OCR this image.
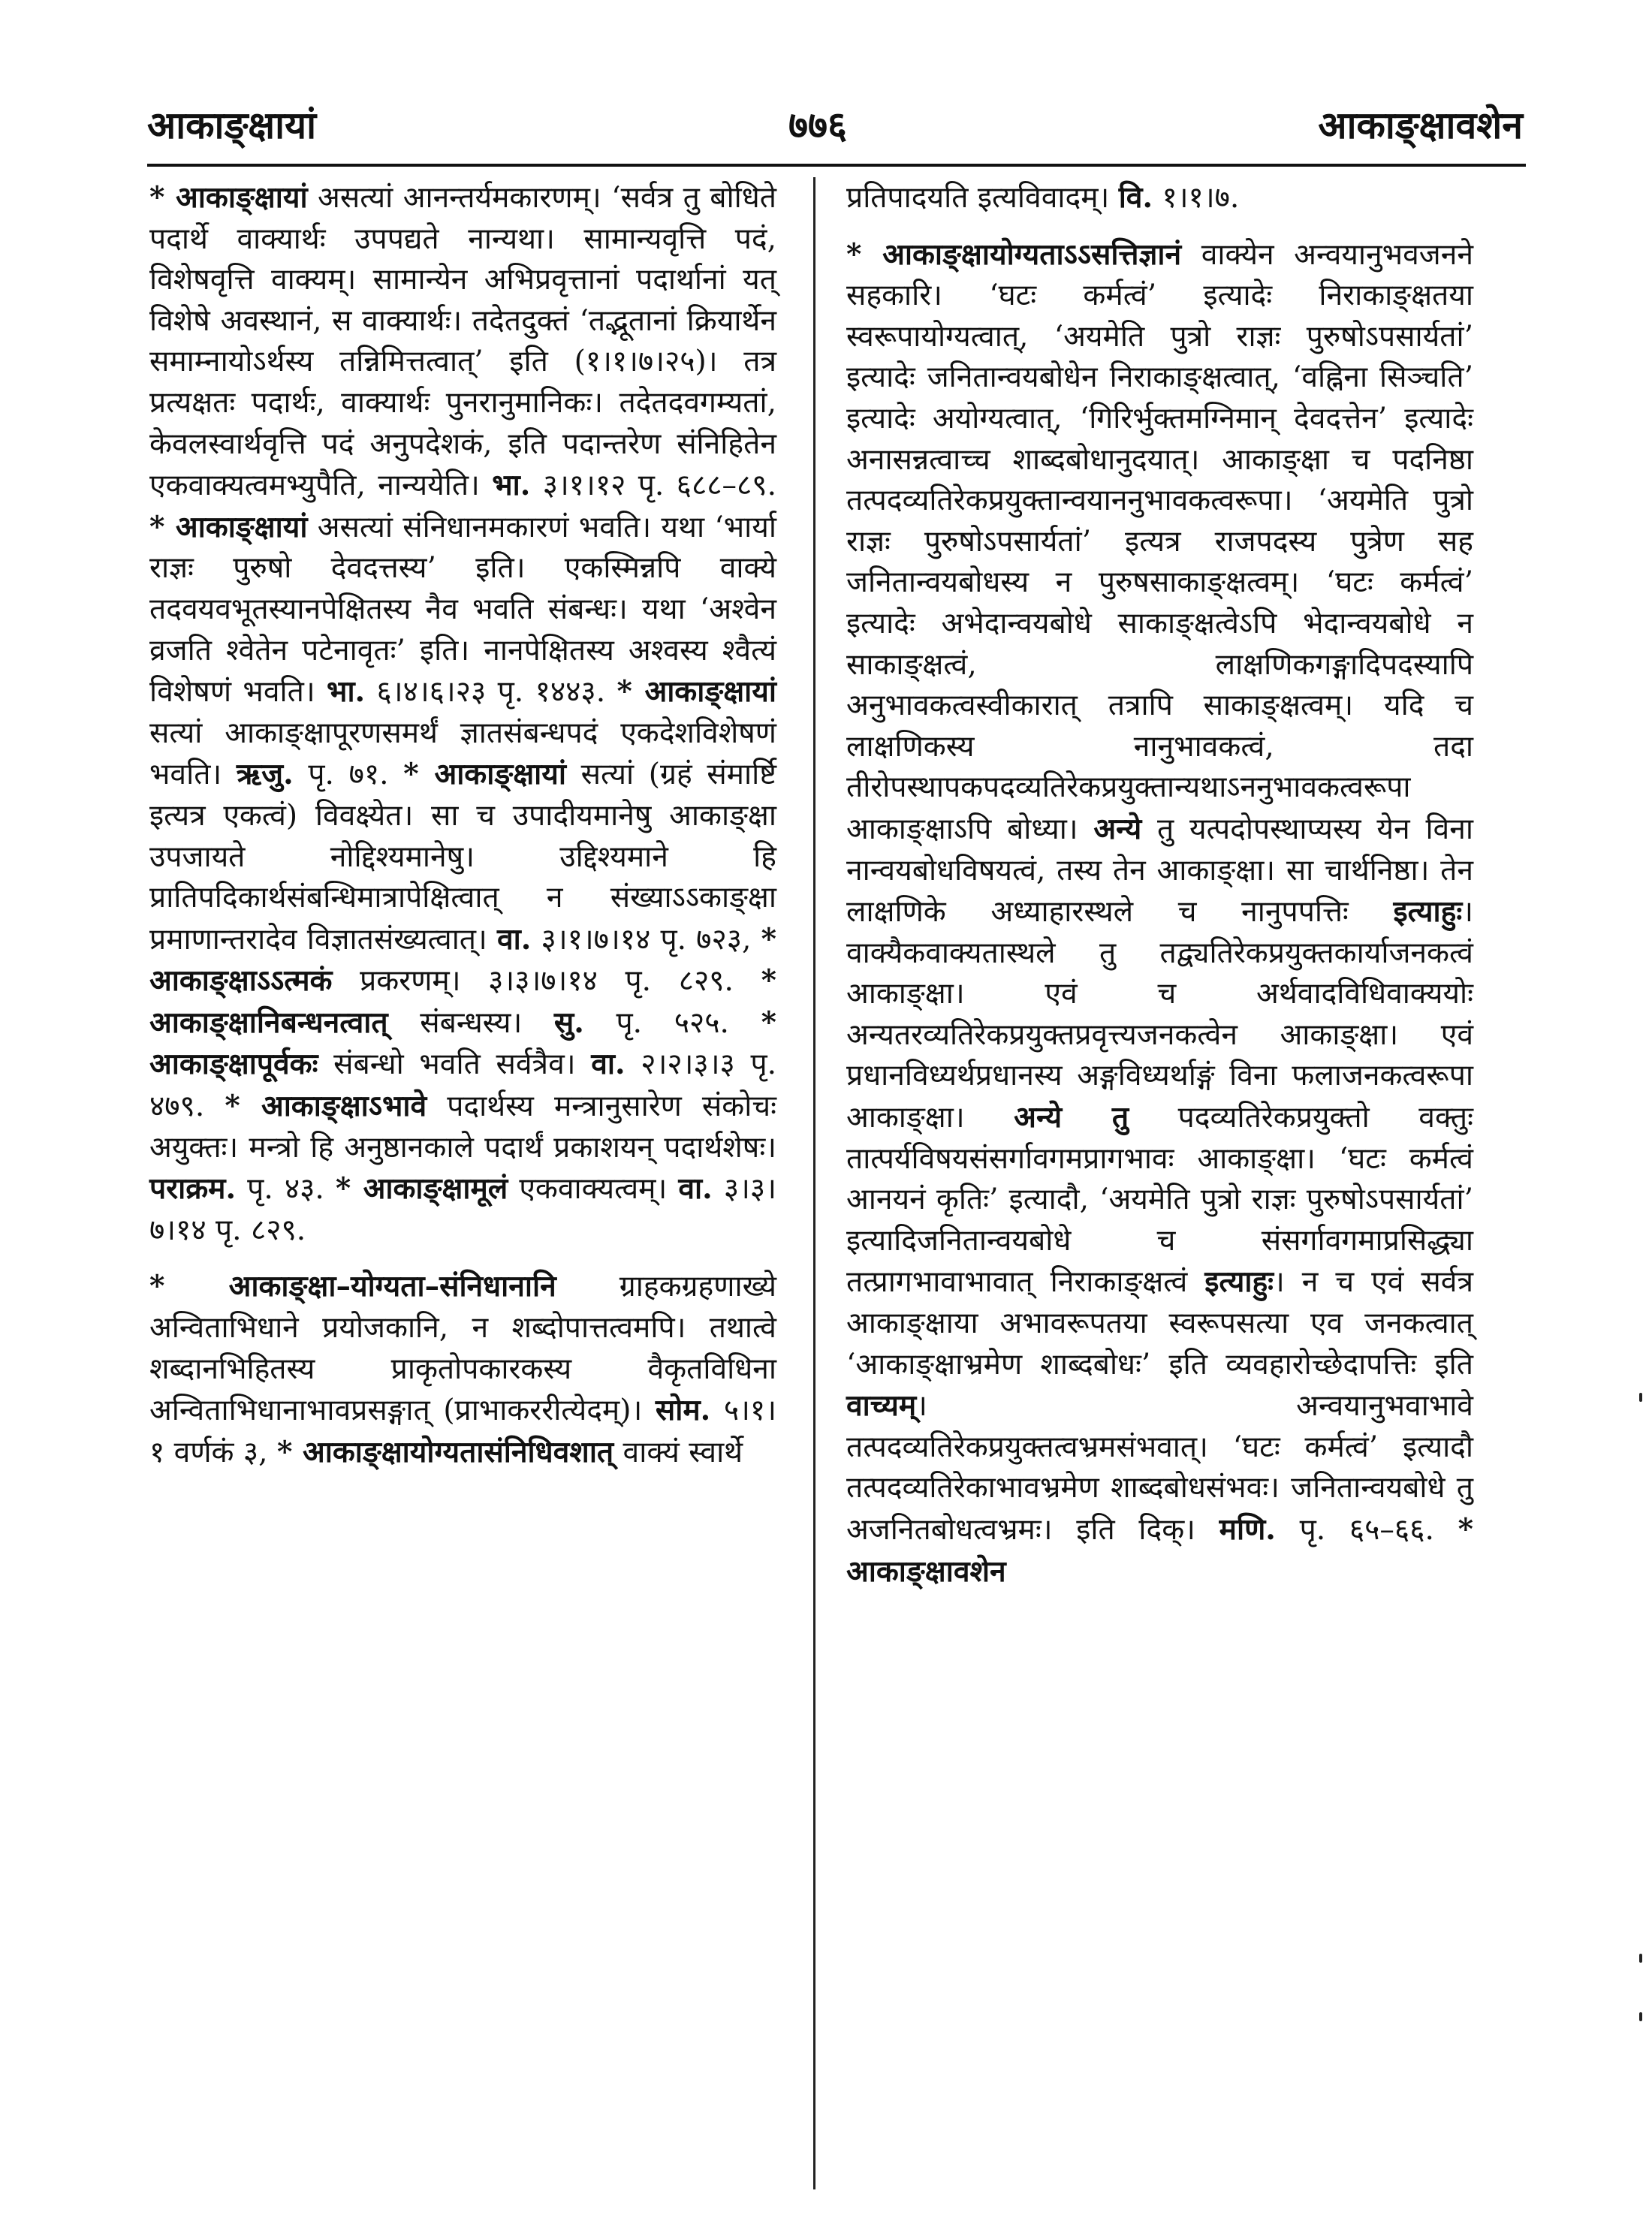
आकाङ्क्षायां	७७६	आकाङ्क्षावशेन

* आकाङ्क्षायां असत्यां आनन्तर्यमकारणम्। ‘सर्वत्र तु बोधिते पदार्थे वाक्यार्थः उपपद्यते नान्यथा। सामान्यवृत्ति पदं, विशेषवृत्ति वाक्यम्। सामान्येन अभिप्रवृत्तानां पदार्थानां यत् विशेषे अवस्थानं, स वाक्यार्थः। तदेतदुक्तं ‘तद्भूतानां क्रियार्थेन समाम्नायोऽर्थस्य तन्निमित्तत्वात्’ इति (१।१।७।२५)। तत्र प्रत्यक्षतः पदार्थः, वाक्यार्थः पुनरानुमानिकः। तदेतदवगम्यतां, केवलस्वार्थवृत्ति पदं अनुपदेशकं, इति पदान्तरेण संनिहितेन एकवाक्यत्वमभ्युपैति, नान्ययेति। भा. ३।१।१२ पृ. ६८८–८९. * आकाङ्क्षायां असत्यां संनिधानमकारणं भवति। यथा ‘भार्या राज्ञः पुरुषो देवदत्तस्य’ इति। एकस्मिन्नपि वाक्ये तदवयवभूतस्यानपेक्षितस्य नैव भवति संबन्धः। यथा ‘अश्वेन व्रजति श्वेतेन पटेनावृतः’ इति। नानपेक्षितस्य अश्वस्य श्वैत्यं विशेषणं भवति। भा. ६।४।६।२३ पृ. १४४३. * आकाङ्क्षायां सत्यां आकाङ्क्षापूरणसमर्थं ज्ञातसंबन्धपदं एकदेशविशेषणं भवति। ऋजु. पृ. ७१. * आकाङ्क्षायां सत्यां (ग्रहं संमार्ष्टि इत्यत्र एकत्वं) विवक्ष्येत। सा च उपादीयमानेषु आकाङ्क्षा उपजायते नोद्दिश्यमानेषु। उद्दिश्यमाने हि प्रातिपदिकार्थसंबन्धिमात्रापेक्षित्वात् न संख्याऽऽकाङ्क्षा प्रमाणान्तरादेव विज्ञातसंख्यत्वात्। वा. ३।१।७।१४ पृ. ७२३, * आकाङ्क्षाऽऽत्मकं प्रकरणम्। ३।३।७।१४ पृ. ८२९. * आकाङ्क्षानिबन्धनत्वात् संबन्धस्य। सु. पृ. ५२५. * आकाङ्क्षापूर्वकः संबन्धो भवति सर्वत्रैव। वा. २।२।३।३ पृ. ४७९. * आकाङ्क्षाऽभावे पदार्थस्य मन्त्रानुसारेण संकोचः अयुक्तः। मन्त्रो हि अनुष्ठानकाले पदार्थं प्रकाशयन् पदार्थशेषः। पराक्रम. पृ. ४३. * आकाङ्क्षामूलं एकवाक्यत्वम्। वा. ३।३।७।१४ पृ. ८२९.

* आकाङ्क्षा–योग्यता–संनिधानानि ग्राहकग्रहणाख्ये अन्विताभिधाने प्रयोजकानि, न शब्दोपात्तत्वमपि। तथात्वे शब्दानभिहितस्य प्राकृतोपकारकस्य वैकृतविधिना अन्विताभिधानाभावप्रसङ्गात् (प्राभाकररीत्येदम्)। सोम. ५।१।१ वर्णकं ३, * आकाङ्क्षायोग्यतासंनिधिवशात् वाक्यं स्वार्थे

प्रतिपादयति इत्यविवादम्। वि. १।१।७.

* आकाङ्क्षायोग्यताऽऽसत्तिज्ञानं वाक्येन अन्वयानुभवजनने सहकारि। ‘घटः कर्मत्वं’ इत्यादेः निराकाङ्क्षतया स्वरूपायोग्यत्वात्, ‘अयमेति पुत्रो राज्ञः पुरुषोऽपसार्यतां’ इत्यादेः जनितान्वयबोधेन निराकाङ्क्षत्वात्, ‘वह्निना सिञ्चति’ इत्यादेः अयोग्यत्वात्, ‘गिरिर्भुक्तमग्निमान् देवदत्तेन’ इत्यादेः अनासन्नत्वाच्च शाब्दबोधानुदयात्। आकाङ्क्षा च पदनिष्ठा तत्पदव्यतिरेकप्रयुक्तान्वयाननुभावकत्वरूपा। ‘अयमेति पुत्रो राज्ञः पुरुषोऽपसार्यतां’ इत्यत्र राजपदस्य पुत्रेण सह जनितान्वयबोधस्य न पुरुषसाकाङ्क्षत्वम्। ‘घटः कर्मत्वं’ इत्यादेः अभेदान्वयबोधे साकाङ्क्षत्वेऽपि भेदान्वयबोधे न साकाङ्क्षत्वं, लाक्षणिकगङ्गादिपदस्यापि अनुभावकत्वस्वीकारात् तत्रापि साकाङ्क्षत्वम्। यदि च लाक्षणिकस्य नानुभावकत्वं, तदा तीरोपस्थापकपदव्यतिरेकप्रयुक्तान्यथाऽननुभावकत्वरूपा आकाङ्क्षाऽपि बोध्या। अन्ये तु यत्पदोपस्थाप्यस्य येन विना नान्वयबोधविषयत्वं, तस्य तेन आकाङ्क्षा। सा चार्थनिष्ठा। तेन लाक्षणिके अध्याहारस्थले च नानुपपत्तिः इत्याहुः। वाक्यैकवाक्यतास्थले तु तद्व्यतिरेकप्रयुक्तकार्याजनकत्वं आकाङ्क्षा। एवं च अर्थवादविधिवाक्ययोः अन्यतरव्यतिरेकप्रयुक्तप्रवृत्त्यजनकत्वेन आकाङ्क्षा। एवं प्रधानविध्यर्थप्रधानस्य अङ्गविध्यर्थाङ्गं विना फलाजनकत्वरूपा आकाङ्क्षा। अन्ये तु पदव्यतिरेकप्रयुक्तो वक्तुः तात्पर्यविषयसंसर्गावगमप्रागभावः आकाङ्क्षा। ‘घटः कर्मत्वं आनयनं कृतिः’ इत्यादौ, ‘अयमेति पुत्रो राज्ञः पुरुषोऽपसार्यतां’ इत्यादिजनितान्वयबोधे च संसर्गावगमाप्रसिद्ध्या तत्प्रागभावाभावात् निराकाङ्क्षत्वं इत्याहुः। न च एवं सर्वत्र आकाङ्क्षाया अभावरूपतया स्वरूपसत्या एव जनकत्वात् ‘आकाङ्क्षाभ्रमेण शाब्दबोधः’ इति व्यवहारोच्छेदापत्तिः इति वाच्यम्। अन्वयानुभवाभावे तत्पदव्यतिरेकप्रयुक्तत्वभ्रमसंभवात्। ‘घटः कर्मत्वं’ इत्यादौ तत्पदव्यतिरेकाभावभ्रमेण शाब्दबोधसंभवः। जनितान्वयबोधे तु अजनितबोधत्वभ्रमः। इति दिक्। मणि. पृ. ६५–६६. * आकाङ्क्षावशेन
